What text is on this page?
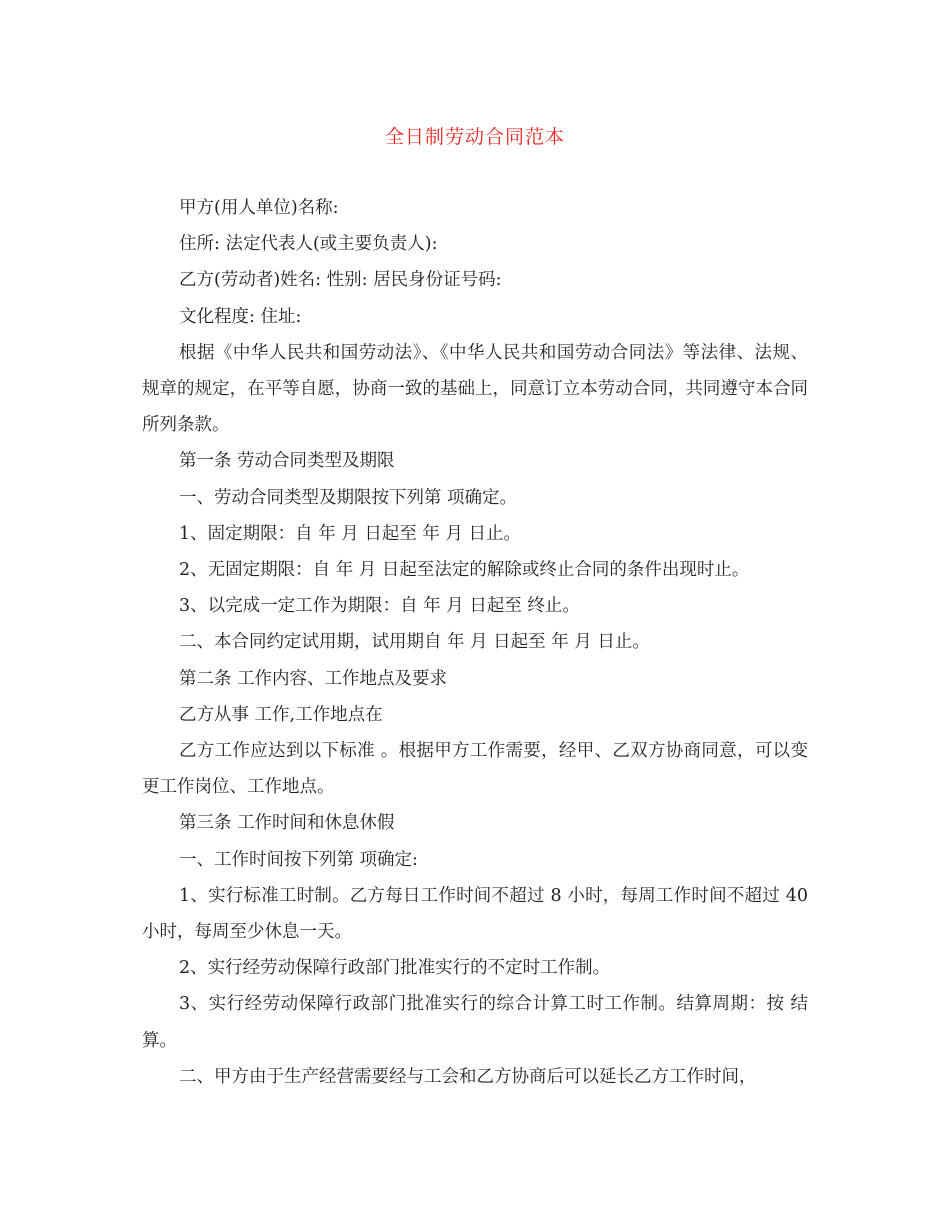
全日制劳动合同范本

甲方(用人单位)名称:

住所: 法定代表人(或主要负责人):

乙方(劳动者)姓名: 性别: 居民身份证号码:

文化程度: 住址:

根据《中华人民共和国劳动法》、《中华人民共和国劳动合同法》等法律、法规、规章的规定，在平等自愿，协商一致的基础上，同意订立本劳动合同，共同遵守本合同所列条款。

第一条 劳动合同类型及期限

一、劳动合同类型及期限按下列第 项确定。

1、固定期限：自 年 月 日起至 年 月 日止。

2、无固定期限：自 年 月 日起至法定的解除或终止合同的条件出现时止。

3、以完成一定工作为期限：自 年 月 日起至 终止。

二、本合同约定试用期，试用期自 年 月 日起至 年 月 日止。

第二条 工作内容、工作地点及要求

乙方从事 工作,工作地点在

乙方工作应达到以下标准 。根据甲方工作需要，经甲、乙双方协商同意，可以变更工作岗位、工作地点。

第三条 工作时间和休息休假

一、工作时间按下列第 项确定:

1、实行标准工时制。乙方每日工作时间不超过 8 小时，每周工作时间不超过 40 小时，每周至少休息一天。

2、实行经劳动保障行政部门批准实行的不定时工作制。

3、实行经劳动保障行政部门批准实行的综合计算工时工作制。结算周期：按 结算。

二、甲方由于生产经营需要经与工会和乙方协商后可以延长乙方工作时间，
